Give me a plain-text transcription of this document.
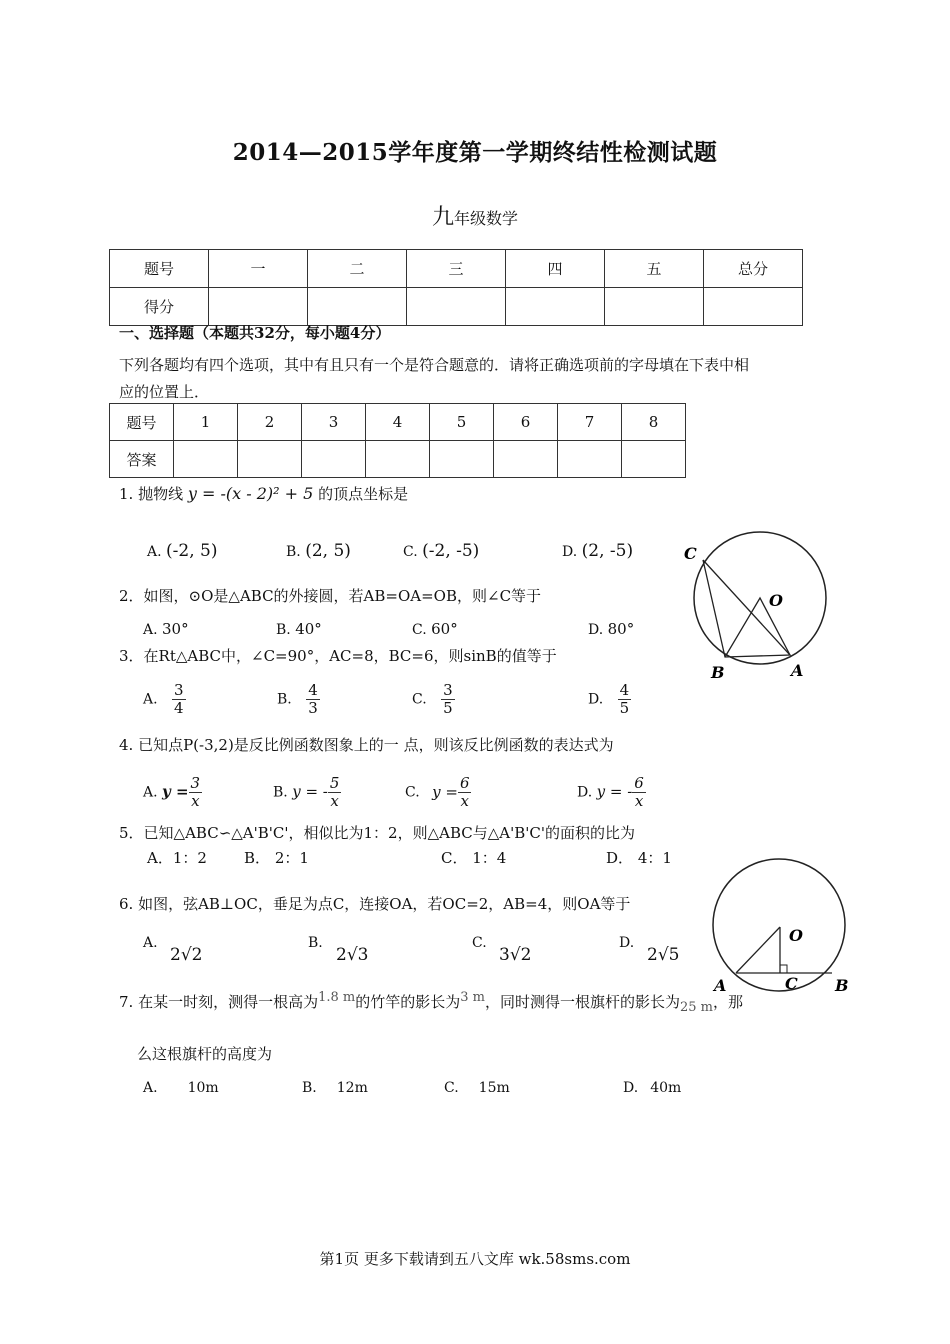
2014—2015学年度第一学期终结性检测试题
九年级数学
题号	一	二	三	四	五	总分
得分						
一、选择题（本题共32分，每小题4分）
下列各题均有四个选项，其中有且只有一个是符合题意的．请将正确选项前的字母填在下表中相
应的位置上．
题号	1	2	3	4	5	6	7	8
答案								
1. 抛物线 y = -(x - 2)² + 5 的顶点坐标是
A. (-2, 5)	B. (2, 5)	C. (-2, -5)	D. (2, -5)
2．如图，⊙O是△ABC的外接圆，若AB=OA=OB，则∠C等于
A. 30°	B. 40°	C. 60°	D. 80°
3．在Rt△ABC中，∠C=90°，AC=8，BC=6，则sinB的值等于
A. $\frac{3}{4}$	B. $\frac{4}{3}$	C. $\frac{3}{5}$	D. $\frac{4}{5}$
4. 已知点P(-3,2)是反比例函数图象上的一 点，则该反比例函数的表达式为
A. $y = \frac{3}{x}$	B. y = - $\frac{5}{x}$	C. $y = \frac{6}{x}$	D. y = - $\frac{6}{x}$
5．已知△ABC∽△A'B'C'，相似比为1：2，则△ABC与△A'B'C'的面积的比为
A．1：2 B． 2：1	C． 1：4	D． 4：1
6. 如图，弦AB⊥OC，垂足为点C，连接OA，若OC=2，AB=4，则OA等于
A.
2√2
B.
2√3
C.
3√2
D.
2√5
7. 在某一时刻，测得一根高为1.8 m的竹竿的影长为3 m，同时测得一根旗杆的影长为25 m，那
么这根旗杆的高度为
A. 10m	B. 12m	C. 15m	D. 40m
C
O
B	A
O
A	C B
第1页 更多下载请到五八文库 wk.58sms.com
